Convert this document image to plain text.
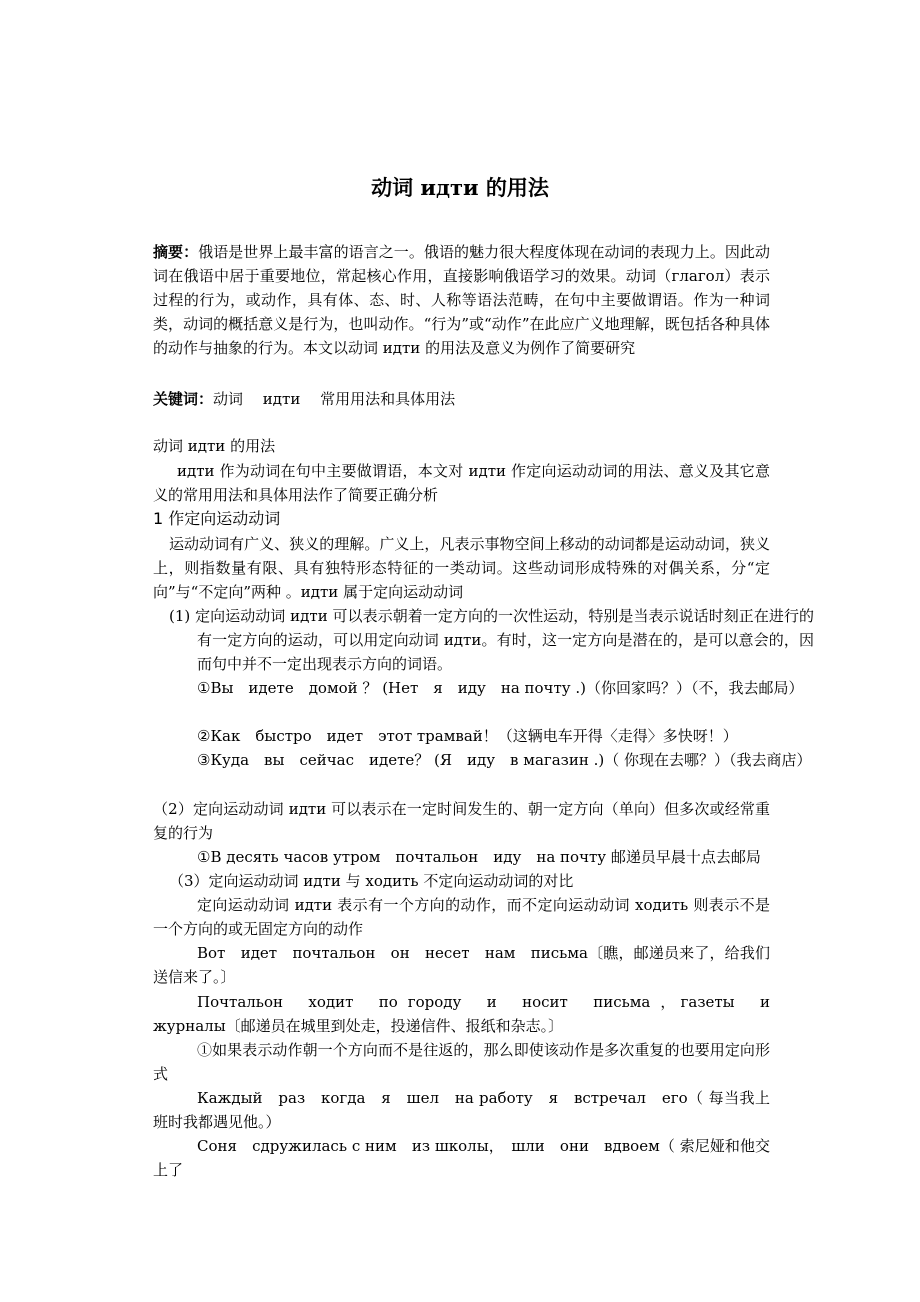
动词 идти 的用法

摘要：俄语是世界上最丰富的语言之一。俄语的魅力很大程度体现在动词的表现力上。因此动词在俄语中居于重要地位，常起核心作用，直接影响俄语学习的效果。动词（глагол）表示过程的行为，或动作，具有体、态、时、人称等语法范畴，在句中主要做谓语。作为一种词类，动词的概括意义是行为，也叫动作。“行为”或“动作”在此应广义地理解，既包括各种具体的动作与抽象的行为。本文以动词 идти 的用法及意义为例作了简要研究

关键词：动词　 идти　 常用用法和具体用法

动词 идти 的用法
идти 作为动词在句中主要做谓语，本文对 идти 作定向运动动词的用法、意义及其它意义的常用用法和具体用法作了简要正确分析
1 作定向运动动词
运动动词有广义、狭义的理解。广义上，凡表示事物空间上移动的动词都是运动动词，狭义上，则指数量有限、具有独特形态特征的一类动词。这些动词形成特殊的对偶关系，分“定向”与“不定向”两种 。идти 属于定向运动动词
(1) 定向运动动词 идти 可以表示朝着一定方向的一次性运动，特别是当表示说话时刻正在进行的有一定方向的运动，可以用定向动词 идти。有时，这一定方向是潜在的，是可以意会的，因而句中并不一定出现表示方向的词语。
①Вы　идете　домой ？ (Нет　я　иду　на почту .)（你回家吗？）（不，我去邮局）
②Как　быстро　идет　этот трамвай！（这辆电车开得〈走得〉多快呀！）
③Куда　вы　сейчас　идете？ (Я　иду　в магазин .)（ 你现在去哪？）（我去商店）
（2）定向运动动词 идти 可以表示在一定时间发生的、朝一定方向（单向）但多次或经常重复的行为
①В десять часов утром　почтальон　иду　на почту 邮递员早晨十点去邮局
（3）定向运动动词 идти 与 ходить 不定向运动动词的对比
定向运动动词 идти 表示有一个方向的动作，而不定向运动动词 ходить 则表示不是一个方向的或无固定方向的动作
Вот　идет　почтальон　он　несет　нам　письма〔瞧，邮递员来了，给我们送信来了。〕
Почтальон　ходит　по городу　и　носит　письма ，газеты　и　журналы〔邮递员在城里到处走，投递信件、报纸和杂志。〕
①如果表示动作朝一个方向而不是往返的，那么即使该动作是多次重复的也要用定向形式
Каждый　раз　когда　я　шел　на работу　я　встречал　его（ 每当我上班时我都遇见他。）
Соня　сдружилась с ним　из школы，　шли　они　вдвоем（ 索尼娅和他交上了
